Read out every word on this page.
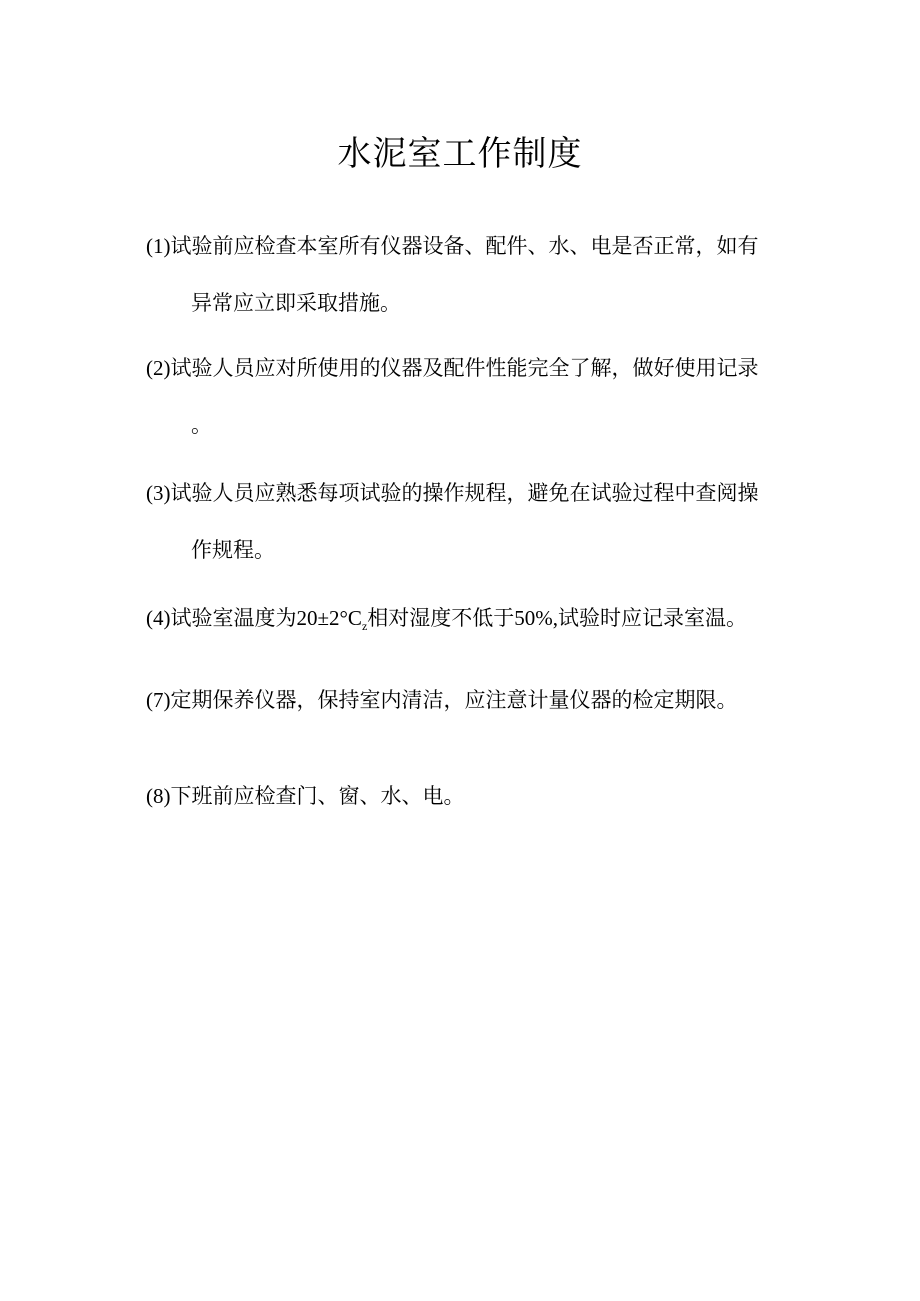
水泥室工作制度
(1)试验前应检查本室所有仪器设备、配件、水、电是否正常，如有
异常应立即采取措施。
(2)试验人员应对所使用的仪器及配件性能完全了解，做好使用记录
。
(3)试验人员应熟悉每项试验的操作规程，避免在试验过程中查阅操
作规程。
(4)试验室温度为$20\pm 2^\circ C_z$相对湿度不低于50%,试验时应记录室温。
(7)定期保养仪器，保持室内清洁，应注意计量仪器的检定期限。
(8)下班前应检查门、窗、水、电。
